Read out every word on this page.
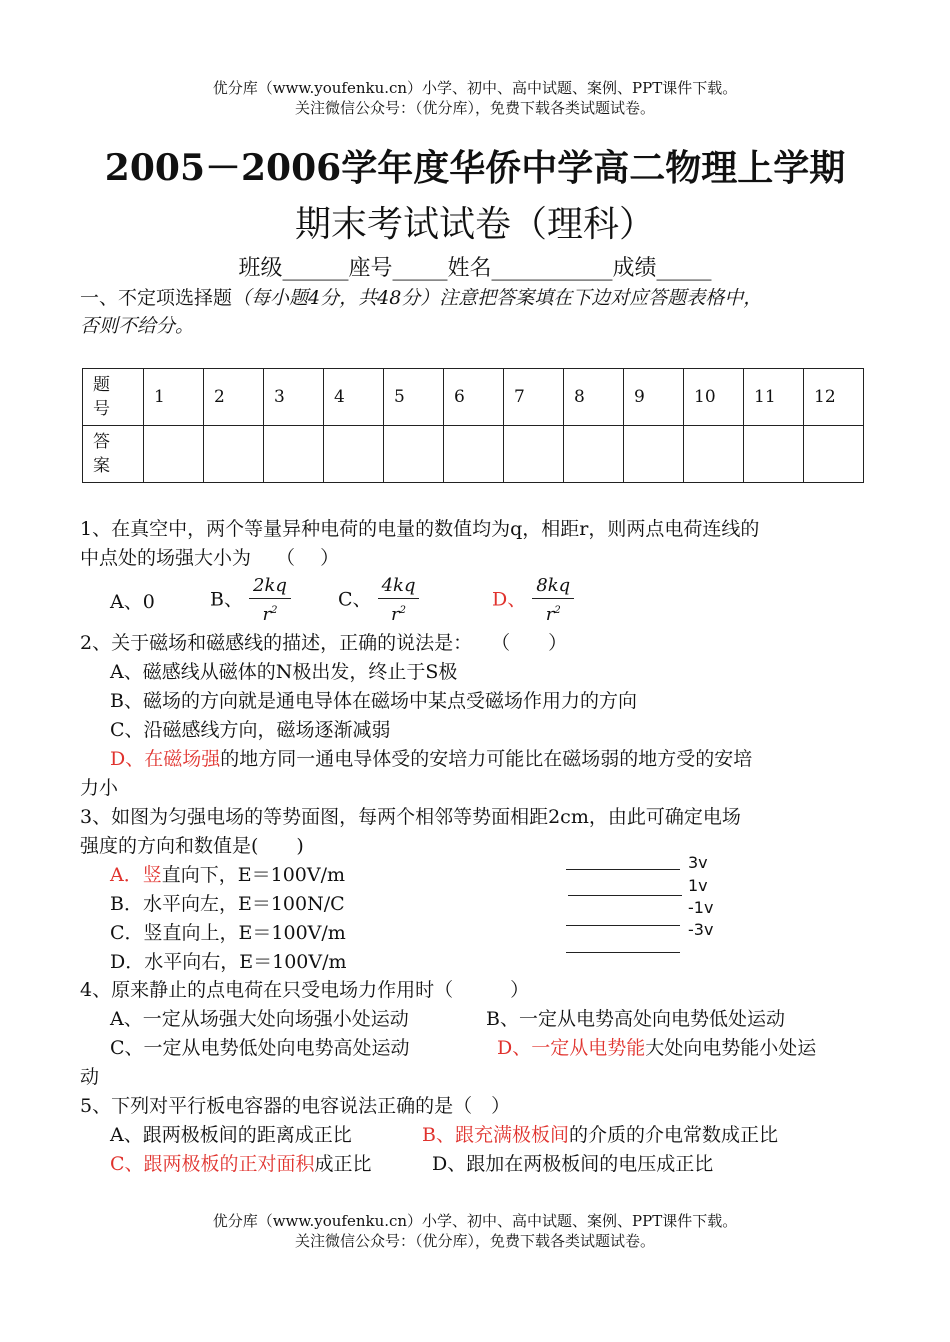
优分库（www.youfenku.cn）小学、初中、高中试题、案例、PPT课件下载。
关注微信公众号：（优分库），免费下载各类试题试卷。
2005－2006学年度华侨中学高二物理上学期
期末考试试卷（理科）
班级______座号_____姓名___________成绩_____
一、不定项选择题（每小题4分，共48分）注意把答案填在下边对应答题表格中，
否则不给分。
题号	1	2	3	4	5	6	7	8	9	10	11	12
答案												
1、在真空中，两个等量异种电荷的电量的数值均为q，相距r，则两点电荷连线的
中点处的场强大小为　 （　 ）
A、0	B、 $\frac{2kq}{r^2}$ C、 $\frac{4kq}{r^2}$	D、 $\frac{8kq}{r^2}$
2、关于磁场和磁感线的描述，正确的说法是：　　（　　）
A、磁感线从磁体的N极出发，终止于S极
B、磁场的方向就是通电导体在磁场中某点受磁场作用力的方向
C、沿磁感线方向，磁场逐渐减弱
D、在磁场强的地方同一通电导体受的安培力可能比在磁场弱的地方受的安培
力小
3、如图为匀强电场的等势面图，每两个相邻等势面相距2cm，由此可确定电场
强度的方向和数值是(　　)
A．竖直向下，E＝100V/m
B．水平向左，E＝100N/C
C．竖直向上，E＝100V/m
D．水平向右，E＝100V/m
3v
1v
-1v
-3v
4、原来静止的点电荷在只受电场力作用时（　　　）
A、一定从场强大处向场强小处运动	B、一定从电势高处向电势低处运动
C、一定从电势低处向电势高处运动	D、一定从电势能大处向电势能小处运
动
5、下列对平行板电容器的电容说法正确的是（　）
A、跟两极板间的距离成正比	B、跟充满极板间的介质的介电常数成正比
C、跟两极板的正对面积成正比	D、跟加在两极板间的电压成正比
优分库（www.youfenku.cn）小学、初中、高中试题、案例、PPT课件下载。
关注微信公众号：（优分库），免费下载各类试题试卷。
